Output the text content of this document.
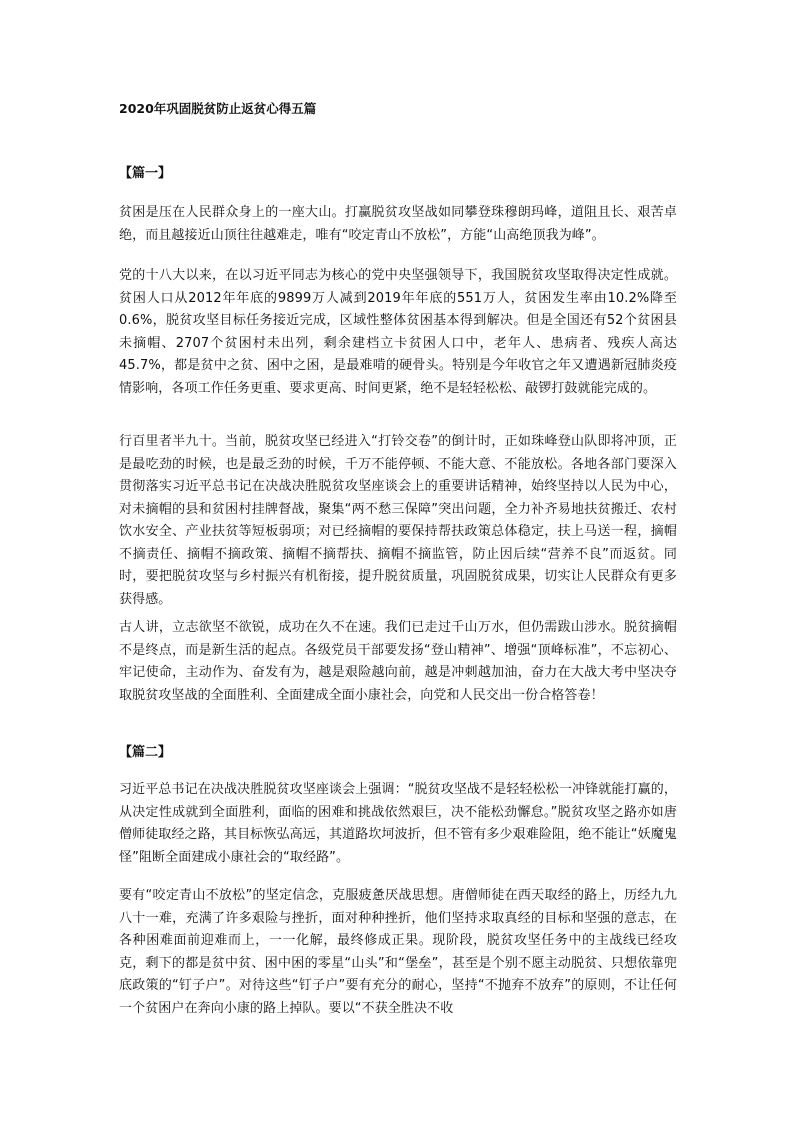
2020年巩固脱贫防止返贫心得五篇
【篇一】

贫困是压在人民群众身上的一座大山。打赢脱贫攻坚战如同攀登珠穆朗玛峰，道阻且长、艰苦卓绝，而且越接近山顶往往越难走，唯有“咬定青山不放松”，方能“山高绝顶我为峰”。

党的十八大以来，在以习近平同志为核心的党中央坚强领导下，我国脱贫攻坚取得决定性成就。贫困人口从2012年年底的9899万人减到2019年年底的551万人，贫困发生率由10.2%降至0.6%，脱贫攻坚目标任务接近完成，区域性整体贫困基本得到解决。但是全国还有52个贫困县未摘帽、2707个贫困村未出列，剩余建档立卡贫困人口中，老年人、患病者、残疾人高达45.7%，都是贫中之贫、困中之困，是最难啃的硬骨头。特别是今年收官之年又遭遇新冠肺炎疫情影响，各项工作任务更重、要求更高、时间更紧，绝不是轻轻松松、敲锣打鼓就能完成的。

行百里者半九十。当前，脱贫攻坚已经进入“打铃交卷”的倒计时，正如珠峰登山队即将冲顶，正是最吃劲的时候，也是最乏劲的时候，千万不能停顿、不能大意、不能放松。各地各部门要深入贯彻落实习近平总书记在决战决胜脱贫攻坚座谈会上的重要讲话精神，始终坚持以人民为中心，对未摘帽的县和贫困村挂牌督战，聚集“两不愁三保障”突出问题，全力补齐易地扶贫搬迁、农村饮水安全、产业扶贫等短板弱项；对已经摘帽的要保持帮扶政策总体稳定，扶上马送一程，摘帽不摘责任、摘帽不摘政策、摘帽不摘帮扶、摘帽不摘监管，防止因后续“营养不良”而返贫。同时，要把脱贫攻坚与乡村振兴有机衔接，提升脱贫质量，巩固脱贫成果，切实让人民群众有更多获得感。

古人讲，立志欲坚不欲锐，成功在久不在速。我们已走过千山万水，但仍需跋山涉水。脱贫摘帽不是终点，而是新生活的起点。各级党员干部要发扬“登山精神”、增强“顶峰标准”，不忘初心、牢记使命，主动作为、奋发有为，越是艰险越向前，越是冲刺越加油，奋力在大战大考中坚决夺取脱贫攻坚战的全面胜利、全面建成全面小康社会，向党和人民交出一份合格答卷！

【篇二】

习近平总书记在决战决胜脱贫攻坚座谈会上强调：“脱贫攻坚战不是轻轻松松一冲锋就能打赢的，从决定性成就到全面胜利，面临的困难和挑战依然艰巨，决不能松劲懈怠。”脱贫攻坚之路亦如唐僧师徒取经之路，其目标恢弘高远，其道路坎坷波折，但不管有多少艰难险阻，绝不能让“妖魔鬼怪”阻断全面建成小康社会的“取经路”。

要有“咬定青山不放松”的坚定信念，克服疲惫厌战思想。唐僧师徒在西天取经的路上，历经九九八十一难，充满了许多艰险与挫折，面对种种挫折，他们坚持求取真经的目标和坚强的意志，在各种困难面前迎难而上，一一化解，最终修成正果。现阶段，脱贫攻坚任务中的主战线已经攻克，剩下的都是贫中贫、困中困的零星“山头”和“堡垒”，甚至是个别不愿主动脱贫、只想依靠兜底政策的“钉子户”。对待这些“钉子户”要有充分的耐心，坚持“不抛弃不放弃”的原则，不让任何一个贫困户在奔向小康的路上掉队。要以“不获全胜决不收
